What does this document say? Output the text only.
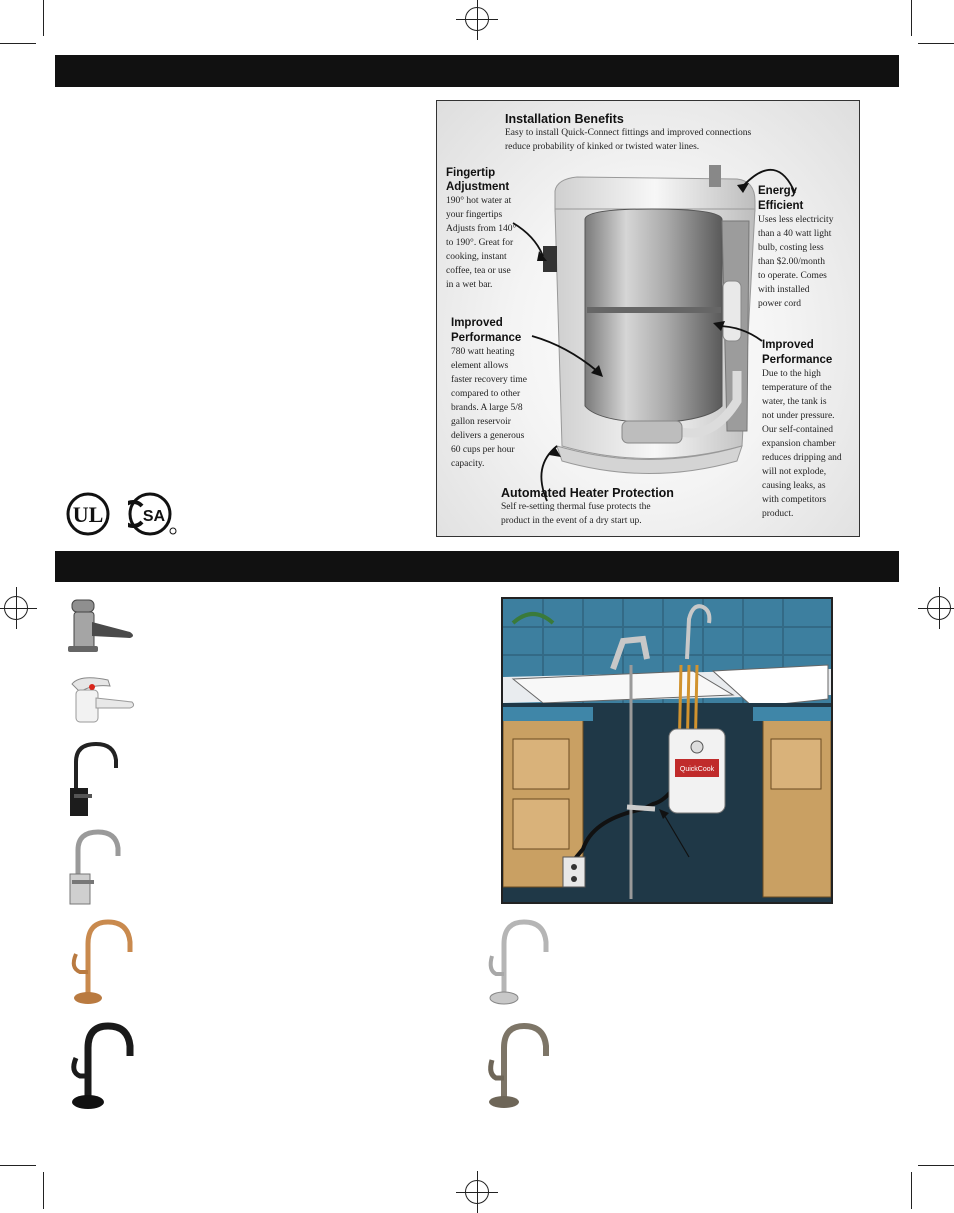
UL SA
Installation Benefits
Easy to install Quick-Connect fittings and improved connections
reduce probability of kinked or twisted water lines.
Fingertip
Adjustment
190° hot water at
your fingertips
Adjusts from 140°
to 190°. Great for
cooking, instant
coffee, tea or use
in a wet bar.
Energy
Efficient
Uses less electricity
than a 40 watt light
bulb, costing less
than $2.00/month
to operate. Comes
with installed
power cord
Improved
Performance
780 watt heating
element allows
faster recovery time
compared to other
brands. A large 5/8
gallon reservoir
delivers a generous
60 cups per hour
capacity.
Improved
Performance
Due to the high
temperature of the
water, the tank is
not under pressure.
Our self-contained
expansion chamber
reduces dripping and
will not explode,
causing leaks, as
with competitors
product.
Automated Heater Protection
Self re-setting thermal fuse protects the
product in the event of a dry start up.
QuickCook
